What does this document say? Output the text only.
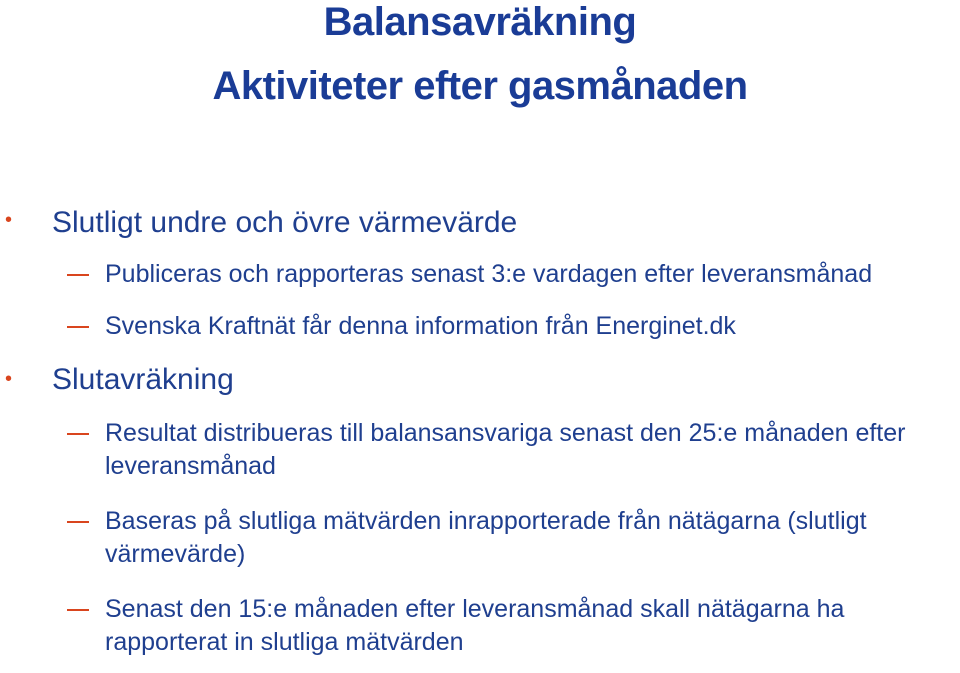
Balansavräkning
Aktiviteter efter gasmånaden
• Slutligt undre och övre värmevärde
Publiceras och rapporteras senast 3:e vardagen efter leveransmånad
Svenska Kraftnät får denna information från Energinet.dk
• Slutavräkning
Resultat distribueras till balansansvariga senast den 25:e månaden efter leveransmånad
Baseras på slutliga mätvärden inrapporterade från nätägarna (slutligt värmevärde)
Senast den 15:e månaden efter leveransmånad skall nätägarna ha rapporterat in slutliga mätvärden
